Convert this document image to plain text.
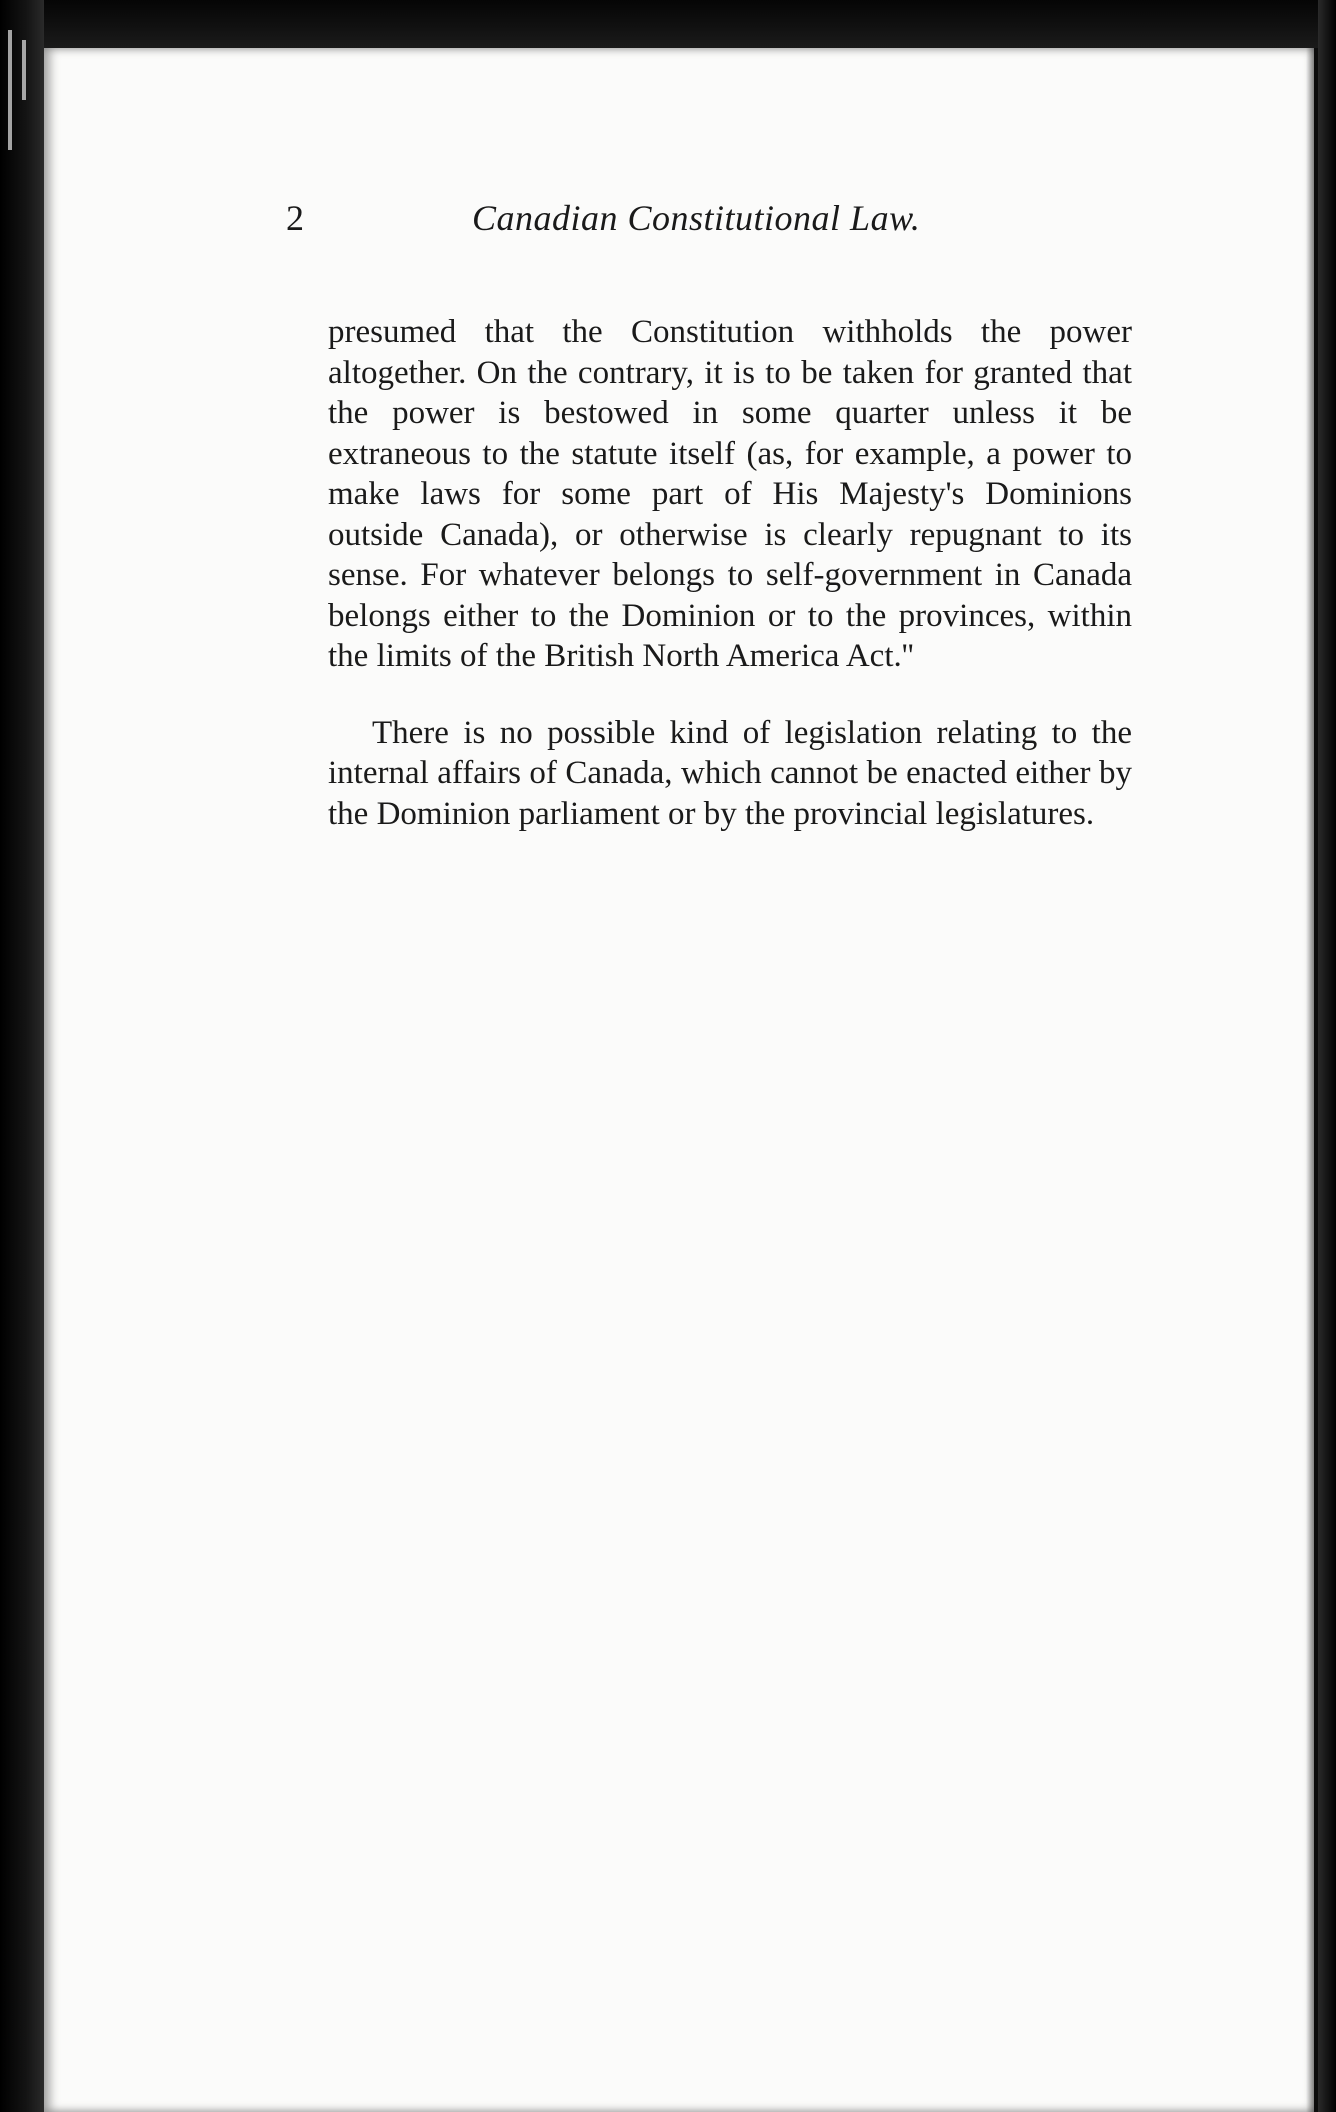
2	Canadian Constitutional Law.

presumed that the Constitution withholds the power altogether. On the contrary, it is to be taken for granted that the power is bestowed in some quarter unless it be extraneous to the statute itself (as, for example, a power to make laws for some part of His Majesty's Dominions outside Canada), or otherwise is clearly repugnant to its sense. For whatever belongs to self-government in Canada belongs either to the Dominion or to the provinces, within the limits of the British North America Act.''

There is no possible kind of legislation relating to the internal affairs of Canada, which cannot be enacted either by the Dominion parliament or by the provincial legislatures.
